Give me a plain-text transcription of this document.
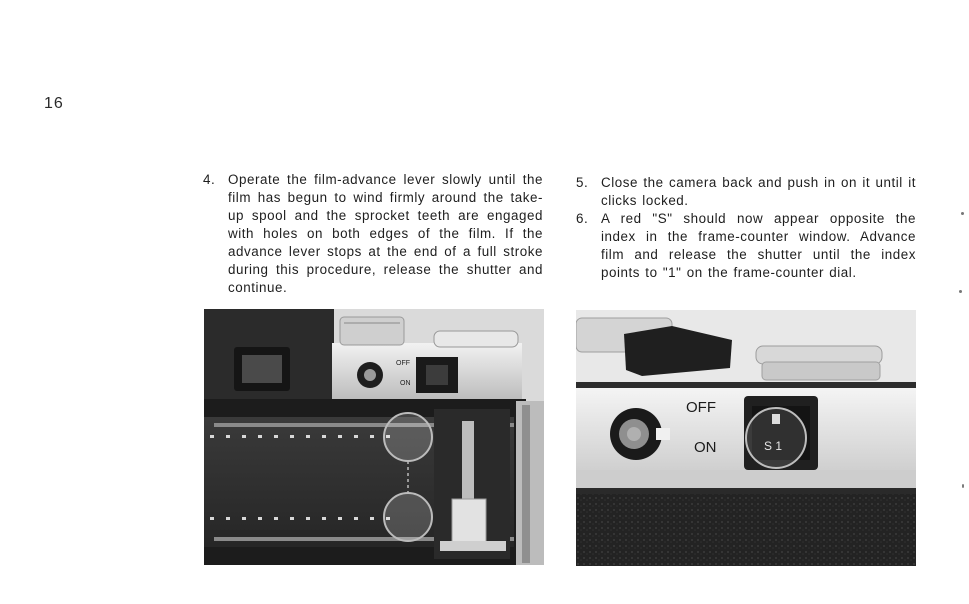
16
4. Operate the film-advance lever slowly until the film has begun to wind firmly around the take-up spool and the sprocket teeth are engaged with holes on both edges of the film. If the advance lever stops at the end of a full stroke during this procedure, release the shutter and continue.
5. Close the camera back and push in on it until it clicks locked.
6. A red "S" should now appear opposite the index in the frame-counter window. Advance film and release the shutter until the index points to "1" on the frame-counter dial.
OFF
ON
OFF
ON	S 1
